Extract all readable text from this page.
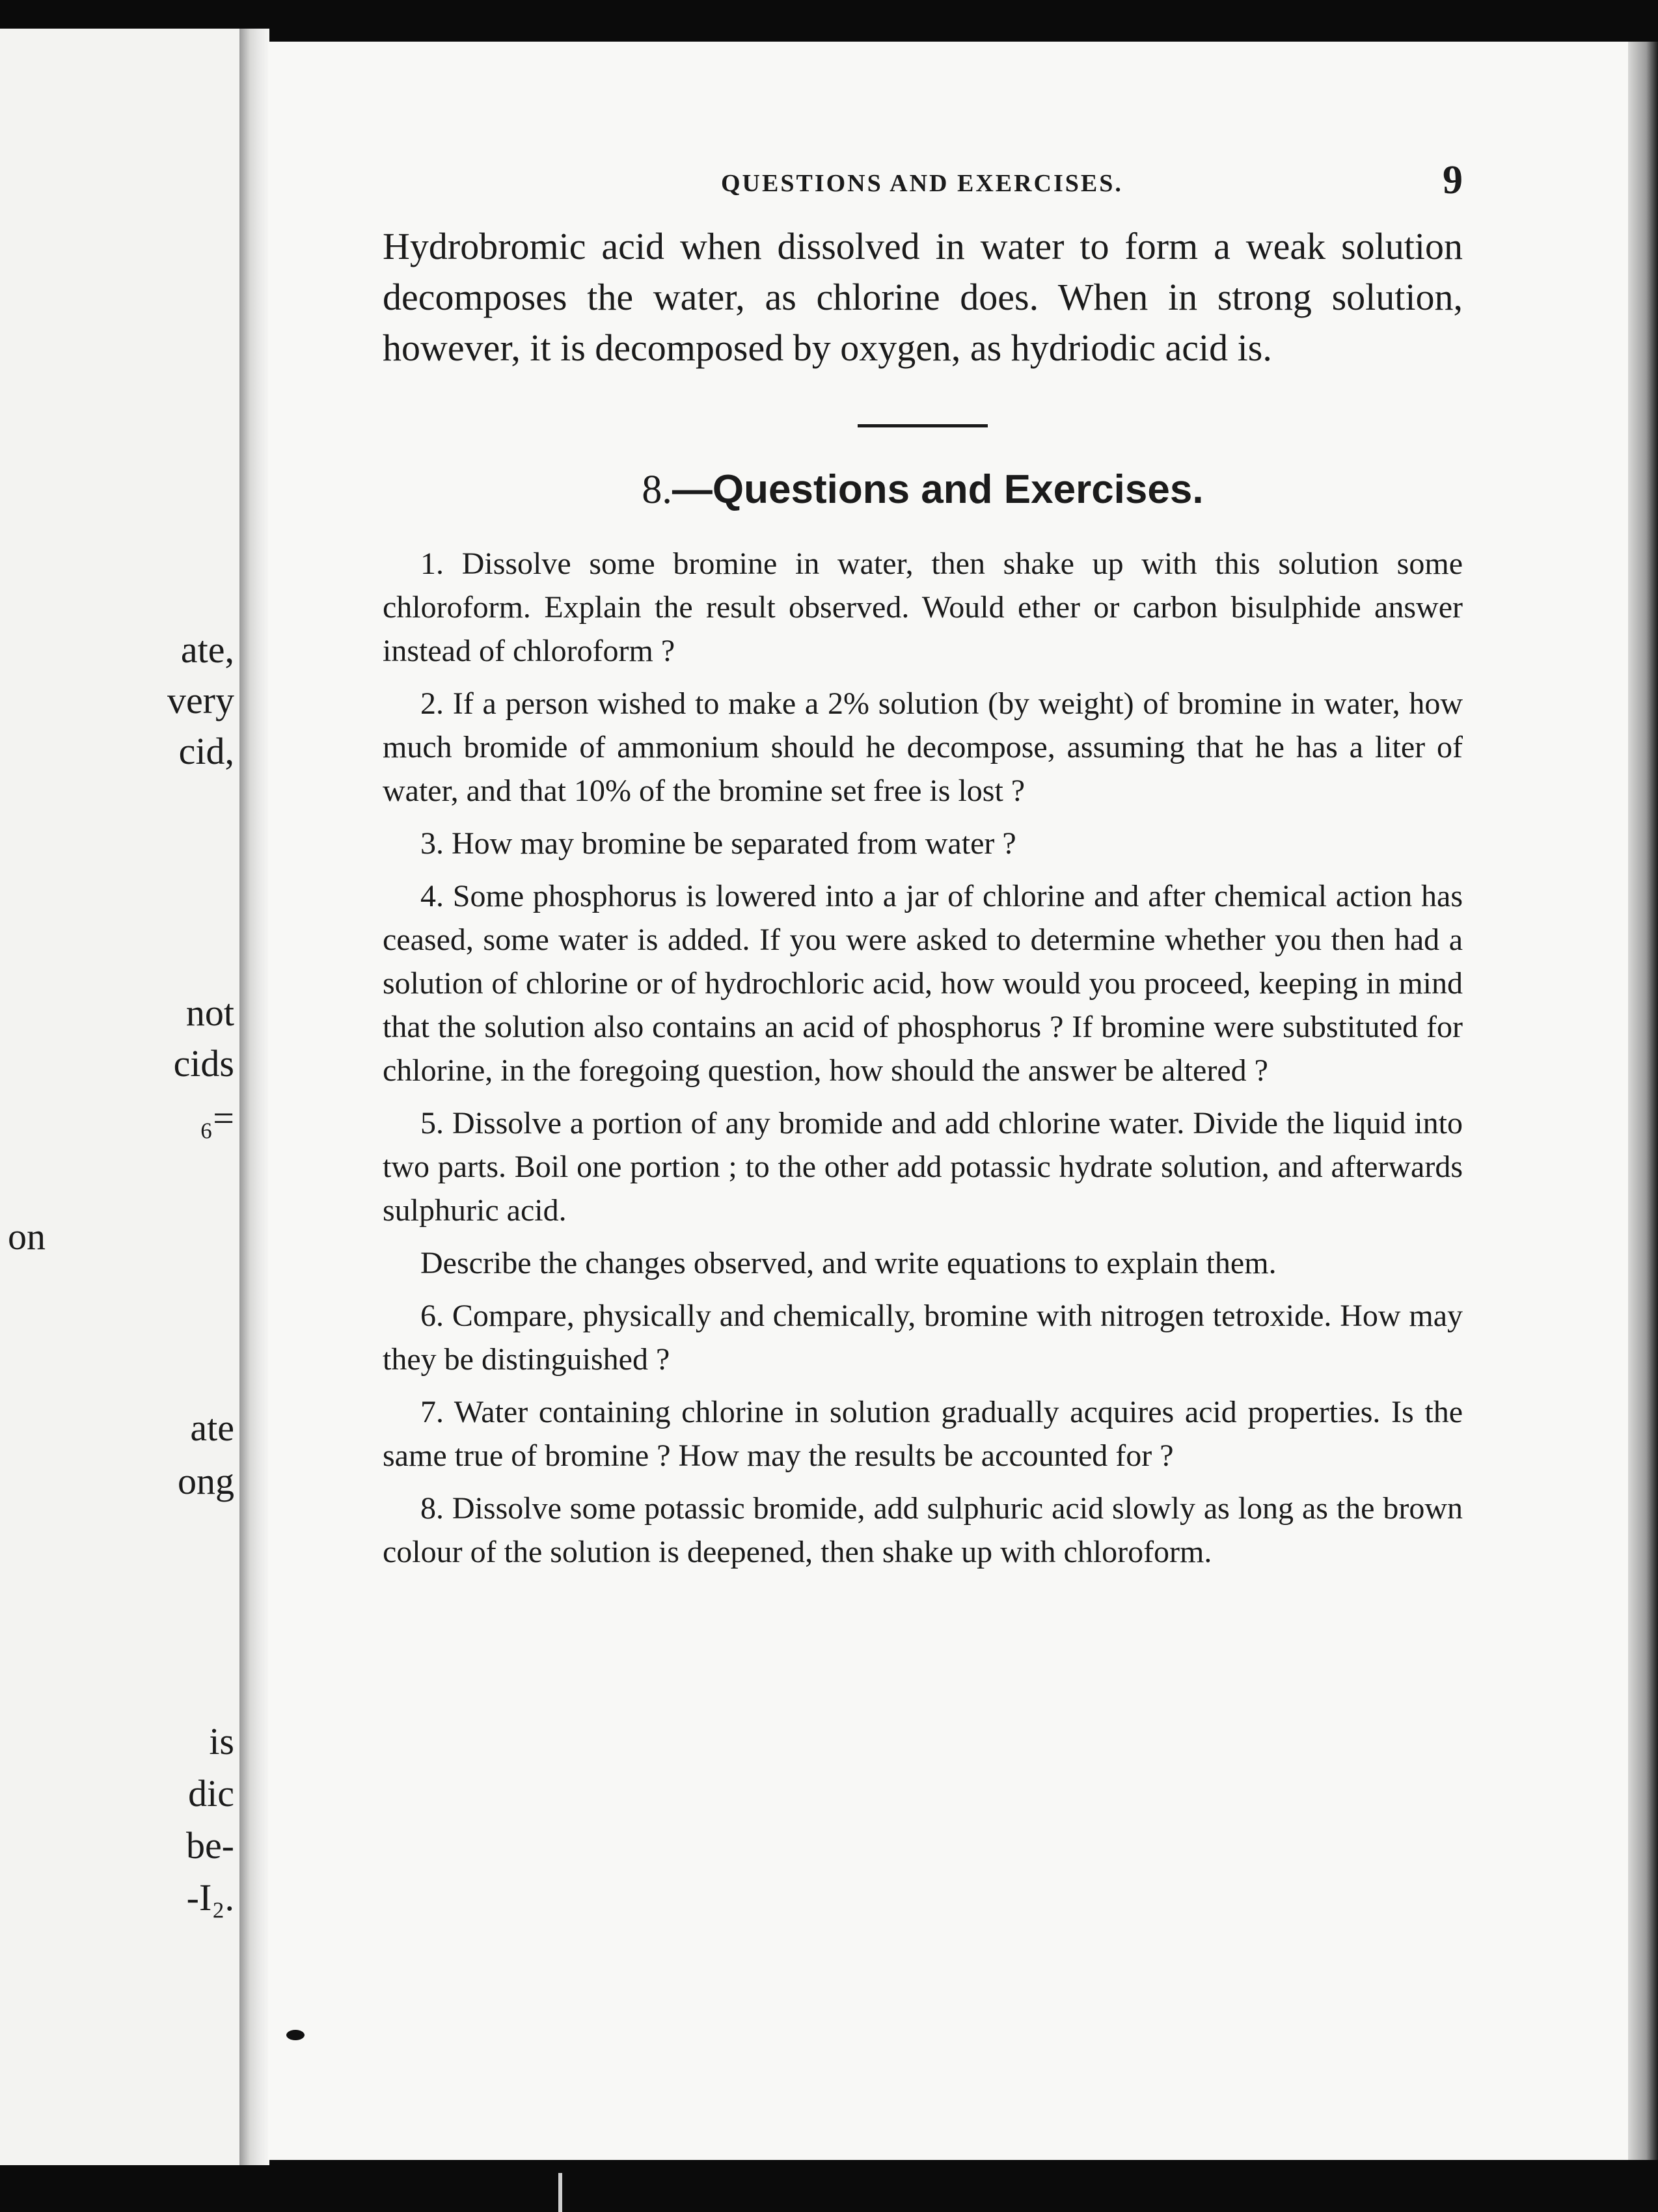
ate,
very
cid,
not
cids
₆=
on
ate
ong
is
dic
be-
-I₂.
QUESTIONS AND EXERCISES.	9

Hydrobromic acid when dissolved in water to form a weak solution decomposes the water, as chlorine does. When in strong solution, however, it is decomposed by oxygen, as hydriodic acid is.

8.—Questions and Exercises.

1. Dissolve some bromine in water, then shake up with this solution some chloroform. Explain the result observed. Would ether or carbon bisulphide answer instead of chloroform ?

2. If a person wished to make a 2% solution (by weight) of bromine in water, how much bromide of ammonium should he decompose, assuming that he has a liter of water, and that 10% of the bromine set free is lost ?

3. How may bromine be separated from water ?

4. Some phosphorus is lowered into a jar of chlorine and after chemical action has ceased, some water is added. If you were asked to determine whether you then had a solution of chlorine or of hydrochloric acid, how would you proceed, keeping in mind that the solution also contains an acid of phosphorus ? If bromine were substituted for chlorine, in the foregoing question, how should the answer be altered ?

5. Dissolve a portion of any bromide and add chlorine water. Divide the liquid into two parts. Boil one portion ; to the other add potassic hydrate solution, and afterwards sulphuric acid.

Describe the changes observed, and write equations to explain them.

6. Compare, physically and chemically, bromine with nitrogen tetroxide. How may they be distinguished ?

7. Water containing chlorine in solution gradually acquires acid properties. Is the same true of bromine ? How may the results be accounted for ?

8. Dissolve some potassic bromide, add sulphuric acid slowly as long as the brown colour of the solution is deepened, then shake up with chloroform.
